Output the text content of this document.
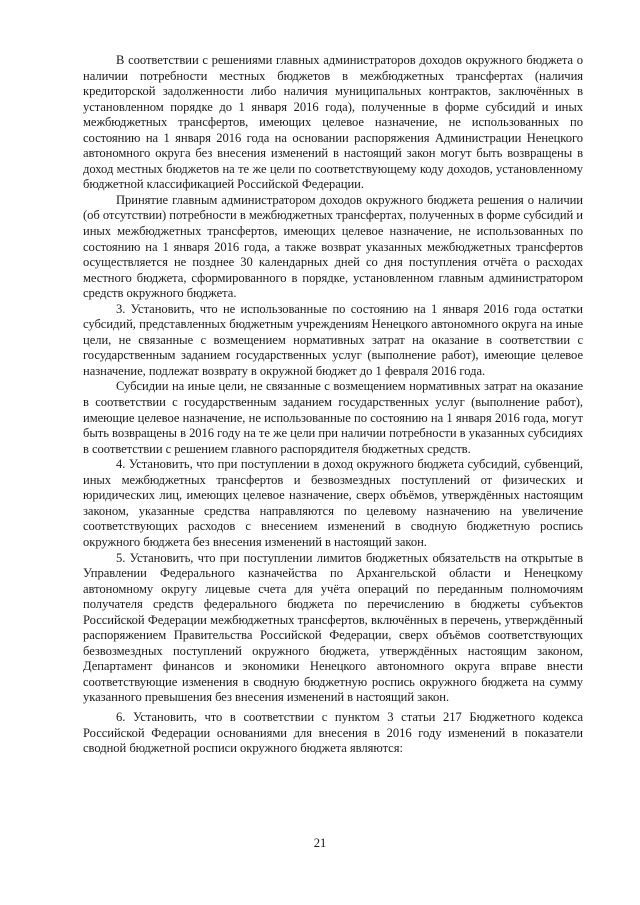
В соответствии с решениями главных администраторов доходов окружного бюджета о наличии потребности местных бюджетов в межбюджетных трансфертах (наличия кредиторской задолженности либо наличия муниципальных контрактов, заключённых в установленном порядке до 1 января 2016 года), полученные в форме субсидий и иных межбюджетных трансфертов, имеющих целевое назначение, не использованных по состоянию на 1 января 2016 года на основании распоряжения Администрации Ненецкого автономного округа без внесения изменений в настоящий закон могут быть возвращены в доход местных бюджетов на те же цели по соответствующему коду доходов, установленному бюджетной классификацией Российской Федерации.

Принятие главным администратором доходов окружного бюджета решения о наличии (об отсутствии) потребности в межбюджетных трансфертах, полученных в форме субсидий и иных межбюджетных трансфертов, имеющих целевое назначение, не использованных по состоянию на 1 января 2016 года, а также возврат указанных межбюджетных трансфертов осуществляется не позднее 30 календарных дней со дня поступления отчёта о расходах местного бюджета, сформированного в порядке, установленном главным администратором средств окружного бюджета.

3. Установить, что не использованные по состоянию на 1 января 2016 года остатки субсидий, представленных бюджетным учреждениям Ненецкого автономного округа на иные цели, не связанные с возмещением нормативных затрат на оказание в соответствии с государственным заданием государственных услуг (выполнение работ), имеющие целевое назначение, подлежат возврату в окружной бюджет до 1 февраля 2016 года.

Субсидии на иные цели, не связанные с возмещением нормативных затрат на оказание в соответствии с государственным заданием государственных услуг (выполнение работ), имеющие целевое назначение, не использованные по состоянию на 1 января 2016 года, могут быть возвращены в 2016 году на те же цели при наличии потребности в указанных субсидиях в соответствии с решением главного распорядителя бюджетных средств.

4. Установить, что при поступлении в доход окружного бюджета субсидий, субвенций, иных межбюджетных трансфертов и безвозмездных поступлений от физических и юридических лиц, имеющих целевое назначение, сверх объёмов, утверждённых настоящим законом, указанные средства направляются по целевому назначению на увеличение соответствующих расходов с внесением изменений в сводную бюджетную роспись окружного бюджета без внесения изменений в настоящий закон.

5. Установить, что при поступлении лимитов бюджетных обязательств на открытые в Управлении Федерального казначейства по Архангельской области и Ненецкому автономному округу лицевые счета для учёта операций по переданным полномочиям получателя средств федерального бюджета по перечислению в бюджеты субъектов Российской Федерации межбюджетных трансфертов, включённых в перечень, утверждённый распоряжением Правительства Российской Федерации, сверх объёмов соответствующих безвозмездных поступлений окружного бюджета, утверждённых настоящим законом, Департамент финансов и экономики Ненецкого автономного округа вправе внести соответствующие изменения в сводную бюджетную роспись окружного бюджета на сумму указанного превышения без внесения изменений в настоящий закон.

6. Установить, что в соответствии с пунктом 3 статьи 217 Бюджетного кодекса Российской Федерации основаниями для внесения в 2016 году изменений в показатели сводной бюджетной росписи окружного бюджета являются:

21
